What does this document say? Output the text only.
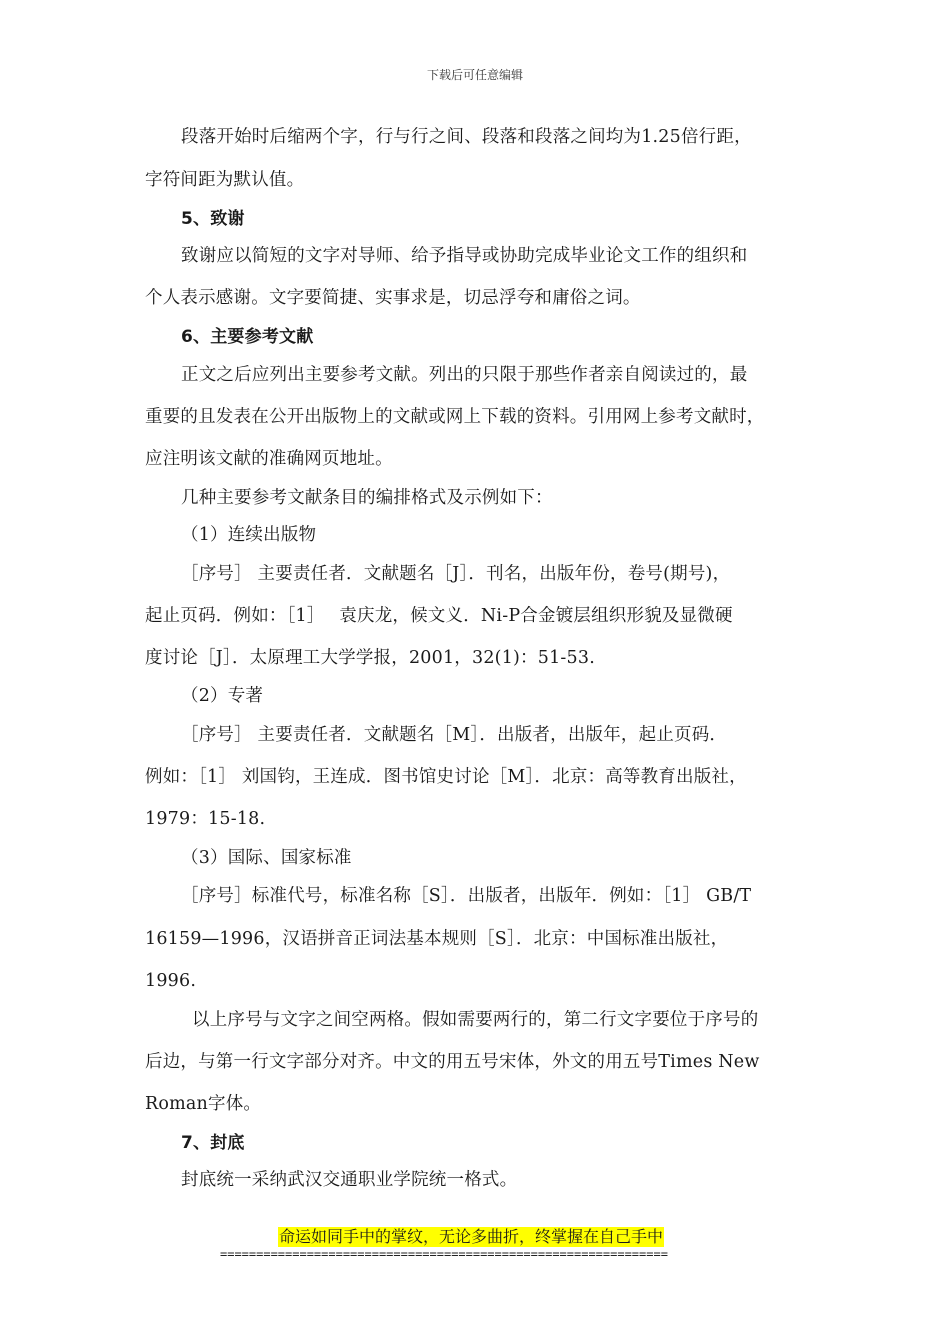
下载后可任意编辑
段落开始时后缩两个字，行与行之间、段落和段落之间均为1.25倍行距，
字符间距为默认值。
5、致谢
致谢应以简短的文字对导师、给予指导或协助完成毕业论文工作的组织和
个人表示感谢。文字要简捷、实事求是，切忌浮夸和庸俗之词。
6、主要参考文献
正文之后应列出主要参考文献。列出的只限于那些作者亲自阅读过的，最
重要的且发表在公开出版物上的文献或网上下载的资料。引用网上参考文献时，
应注明该文献的准确网页地址。
几种主要参考文献条目的编排格式及示例如下：
（1）连续出版物
［序号］ 主要责任者．文献题名［J］．刊名，出版年份，卷号(期号)，
起止页码．例如：［1］　 袁庆龙，候文义．Ni-P合金镀层组织形貌及显微硬
度讨论［J］．太原理工大学学报，2001，32(1)：51-53.
（2）专著
［序号］ 主要责任者．文献题名［M］．出版者，出版年，起止页码．
例如：［1］ 刘国钧，王连成．图书馆史讨论［M］．北京：高等教育出版社，
1979：15-18.
（3）国际、国家标准
［序号］标准代号，标准名称［S］．出版者，出版年．例如：［1］ GB/T
16159—1996，汉语拼音正词法基本规则［S］．北京：中国标准出版社，
1996.
以上序号与文字之间空两格。假如需要两行的，第二行文字要位于序号的
后边，与第一行文字部分对齐。中文的用五号宋体，外文的用五号Times New
Roman字体。
7、封底
封底统一采纳武汉交通职业学院统一格式。
命运如同手中的掌纹，无论多曲折，终掌握在自己手中
==============================================================
